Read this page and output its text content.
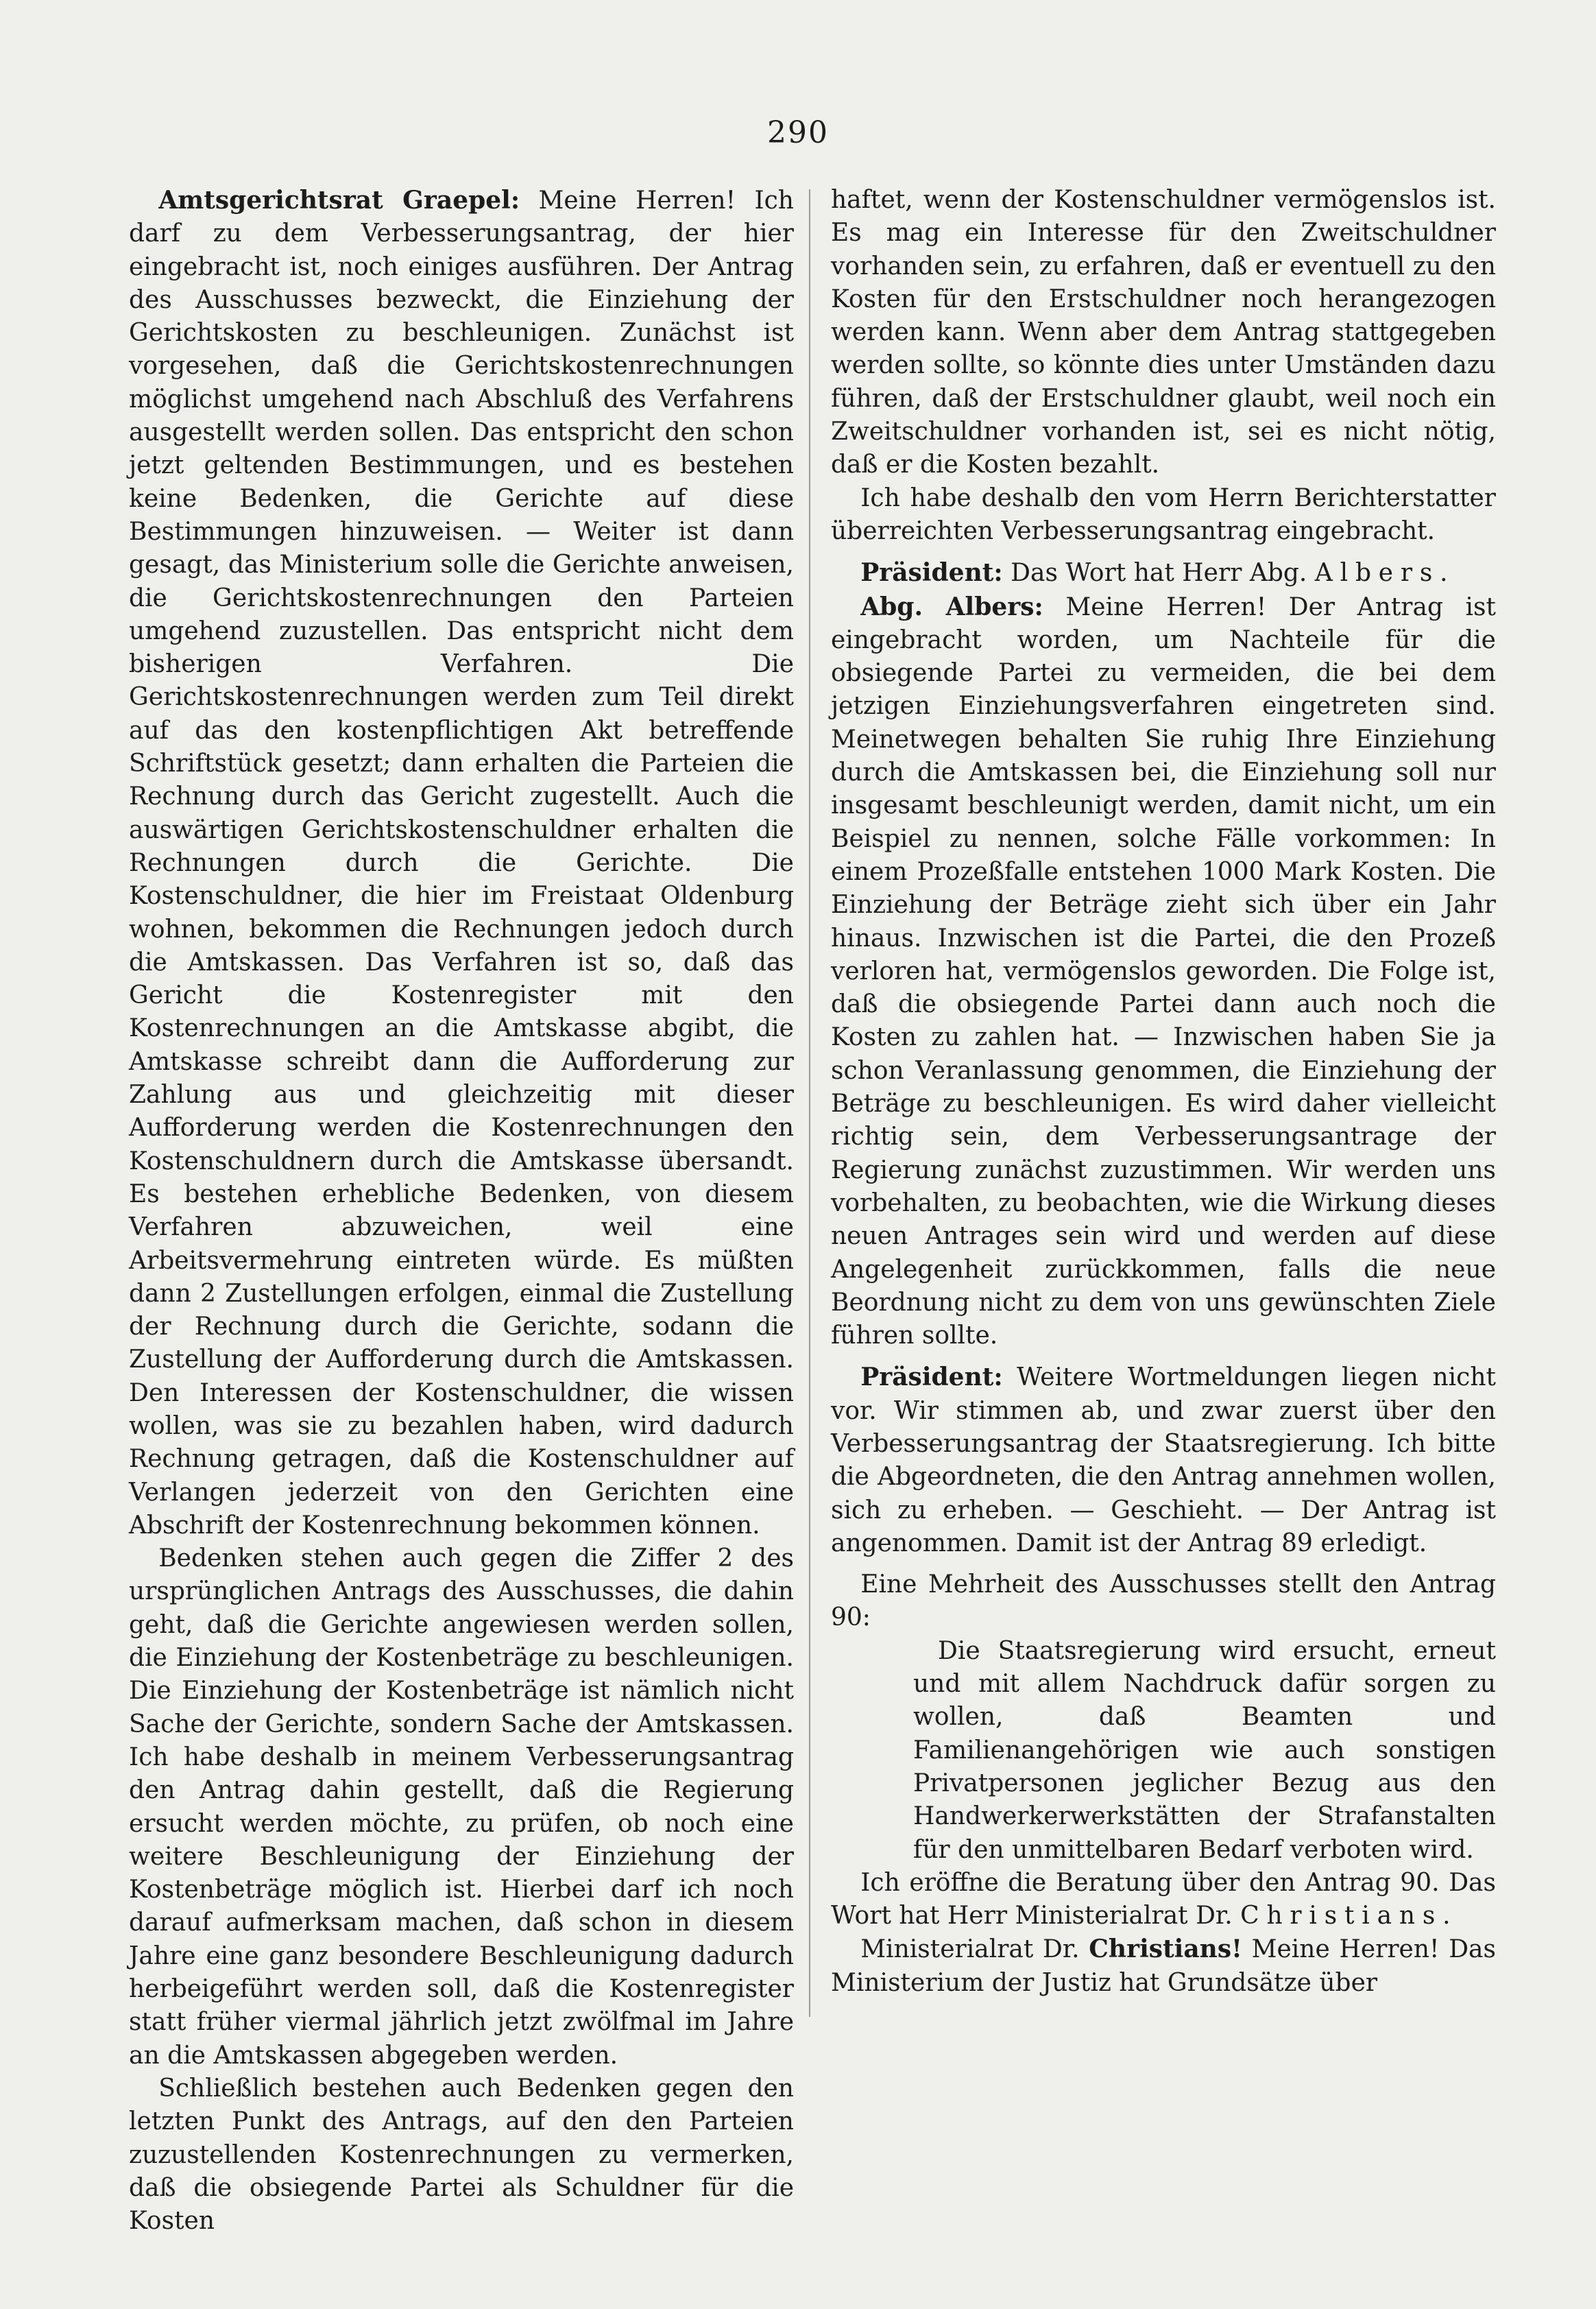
290

Amtsgerichtsrat Graepel: Meine Herren! Ich darf zu dem Verbesserungsantrag, der hier eingebracht ist, noch einiges ausführen. Der Antrag des Ausschusses bezweckt, die Einziehung der Gerichtskosten zu beschleunigen. Zunächst ist vorgesehen, daß die Gerichtskostenrechnungen möglichst umgehend nach Abschluß des Verfahrens ausgestellt werden sollen. Das entspricht den schon jetzt geltenden Bestimmungen, und es bestehen keine Bedenken, die Gerichte auf diese Bestimmungen hinzuweisen. — Weiter ist dann gesagt, das Ministerium solle die Gerichte anweisen, die Gerichtskostenrechnungen den Parteien umgehend zuzustellen. Das entspricht nicht dem bisherigen Verfahren. Die Gerichtskostenrechnungen werden zum Teil direkt auf das den kostenpflichtigen Akt betreffende Schriftstück gesetzt; dann erhalten die Parteien die Rechnung durch das Gericht zugestellt. Auch die auswärtigen Gerichtskostenschuldner erhalten die Rechnungen durch die Gerichte. Die Kostenschuldner, die hier im Freistaat Oldenburg wohnen, bekommen die Rechnungen jedoch durch die Amtskassen. Das Verfahren ist so, daß das Gericht die Kostenregister mit den Kostenrechnungen an die Amtskasse abgibt, die Amtskasse schreibt dann die Aufforderung zur Zahlung aus und gleichzeitig mit dieser Aufforderung werden die Kostenrechnungen den Kostenschuldnern durch die Amtskasse übersandt. Es bestehen erhebliche Bedenken, von diesem Verfahren abzuweichen, weil eine Arbeitsvermehrung eintreten würde. Es müßten dann 2 Zustellungen erfolgen, einmal die Zustellung der Rechnung durch die Gerichte, sodann die Zustellung der Aufforderung durch die Amtskassen. Den Interessen der Kostenschuldner, die wissen wollen, was sie zu bezahlen haben, wird dadurch Rechnung getragen, daß die Kostenschuldner auf Verlangen jederzeit von den Gerichten eine Abschrift der Kostenrechnung bekommen können.

Bedenken stehen auch gegen die Ziffer 2 des ursprünglichen Antrags des Ausschusses, die dahin geht, daß die Gerichte angewiesen werden sollen, die Einziehung der Kostenbeträge zu beschleunigen. Die Einziehung der Kostenbeträge ist nämlich nicht Sache der Gerichte, sondern Sache der Amtskassen. Ich habe deshalb in meinem Verbesserungsantrag den Antrag dahin gestellt, daß die Regierung ersucht werden möchte, zu prüfen, ob noch eine weitere Beschleunigung der Einziehung der Kostenbeträge möglich ist. Hierbei darf ich noch darauf aufmerksam machen, daß schon in diesem Jahre eine ganz besondere Beschleunigung dadurch herbeigeführt werden soll, daß die Kostenregister statt früher viermal jährlich jetzt zwölfmal im Jahre an die Amtskassen abgegeben werden.

Schließlich bestehen auch Bedenken gegen den letzten Punkt des Antrags, auf den den Parteien zuzustellenden Kostenrechnungen zu vermerken, daß die obsiegende Partei als Schuldner für die Kosten

haftet, wenn der Kostenschuldner vermögenslos ist. Es mag ein Interesse für den Zweitschuldner vorhanden sein, zu erfahren, daß er eventuell zu den Kosten für den Erstschuldner noch herangezogen werden kann. Wenn aber dem Antrag stattgegeben werden sollte, so könnte dies unter Umständen dazu führen, daß der Erstschuldner glaubt, weil noch ein Zweitschuldner vorhanden ist, sei es nicht nötig, daß er die Kosten bezahlt.

Ich habe deshalb den vom Herrn Berichterstatter überreichten Verbesserungsantrag eingebracht.

Präsident: Das Wort hat Herr Abg. Albers.

Abg. Albers: Meine Herren! Der Antrag ist eingebracht worden, um Nachteile für die obsiegende Partei zu vermeiden, die bei dem jetzigen Einziehungsverfahren eingetreten sind. Meinetwegen behalten Sie ruhig Ihre Einziehung durch die Amtskassen bei, die Einziehung soll nur insgesamt beschleunigt werden, damit nicht, um ein Beispiel zu nennen, solche Fälle vorkommen: In einem Prozeßfalle entstehen 1000 Mark Kosten. Die Einziehung der Beträge zieht sich über ein Jahr hinaus. Inzwischen ist die Partei, die den Prozeß verloren hat, vermögenslos geworden. Die Folge ist, daß die obsiegende Partei dann auch noch die Kosten zu zahlen hat. — Inzwischen haben Sie ja schon Veranlassung genommen, die Einziehung der Beträge zu beschleunigen. Es wird daher vielleicht richtig sein, dem Verbesserungsantrage der Regierung zunächst zuzustimmen. Wir werden uns vorbehalten, zu beobachten, wie die Wirkung dieses neuen Antrages sein wird und werden auf diese Angelegenheit zurückkommen, falls die neue Beordnung nicht zu dem von uns gewünschten Ziele führen sollte.

Präsident: Weitere Wortmeldungen liegen nicht vor. Wir stimmen ab, und zwar zuerst über den Verbesserungsantrag der Staatsregierung. Ich bitte die Abgeordneten, die den Antrag annehmen wollen, sich zu erheben. — Geschieht. — Der Antrag ist angenommen. Damit ist der Antrag 89 erledigt.

Eine Mehrheit des Ausschusses stellt den Antrag 90:

Die Staatsregierung wird ersucht, erneut und mit allem Nachdruck dafür sorgen zu wollen, daß Beamten und Familienangehörigen wie auch sonstigen Privatpersonen jeglicher Bezug aus den Handwerkerwerkstätten der Strafanstalten für den unmittelbaren Bedarf verboten wird.

Ich eröffne die Beratung über den Antrag 90. Das Wort hat Herr Ministerialrat Dr. Christians.

Ministerialrat Dr. Christians! Meine Herren! Das Ministerium der Justiz hat Grundsätze über
